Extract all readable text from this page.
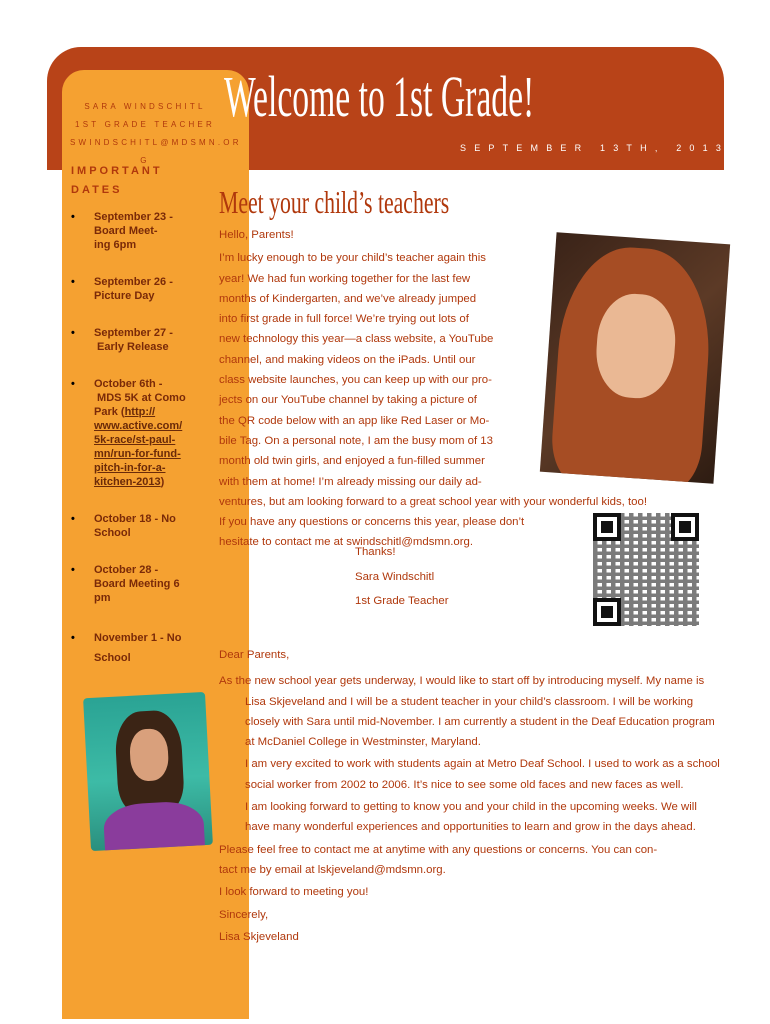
SARA WINDSCHITL
1ST GRADE TEACHER
SWINDSCHITL@MDSMN.OR
G
Welcome to 1st Grade!
SEPTEMBER 13TH, 2013
IMPORTANT
DATES
• September 23 -
Board Meet-
ing 6pm
• September 26 -
Picture Day
• September 27 -
Early Release
• October 6th -
MDS 5K at Como
Park (http://
www.active.com/
5k-race/st-paul-
mn/run-for-fund-
pitch-in-for-a-
kitchen-2013)
• October 18 - No
School
• October 28 -
Board Meeting 6
pm
• November 1 - No
School
Meet your child’s teachers

Hello, Parents!

I’m lucky enough to be your child’s teacher again this

year! We had fun working together for the last few

months of Kindergarten, and we’ve already jumped

into first grade in full force! We’re trying out lots of

new technology this year—a class website, a YouTube

channel, and making videos on the iPads. Until our

class website launches, you can keep up with our pro-

jects on our YouTube channel by taking a picture of

the QR code below with an app like Red Laser or Mo-

bile Tag. On a personal note, I am the busy mom of 13

month old twin girls, and enjoyed a fun-filled summer

with them at home! I’m already missing our daily ad-

ventures, but am looking forward to a great school year with your wonderful kids, too!

If you have any questions or concerns this year, please don’t

hesitate to contact me at swindschitl@mdsmn.org.

Thanks!
Sara Windschitl
1st Grade Teacher

Dear Parents,

As the new school year gets underway, I would like to start off by introducing myself. My name is Lisa Skjeveland and I will be a student teacher in your child’s classroom. I will be working closely with Sara until mid-November. I am currently a student in the Deaf Education program at McDaniel College in Westminster, Maryland.

I am very excited to work with students again at Metro Deaf School. I used to work as a school social worker from 2002 to 2006. It’s nice to see some old faces and new faces as well.

I am looking forward to getting to know you and your child in the upcoming weeks. We will have many wonderful experiences and opportunities to learn and grow in the days ahead.

Please feel free to contact me at anytime with any questions or concerns. You can con-

tact me by email at lskjeveland@mdsmn.org.

I look forward to meeting you!

Sincerely,

Lisa Skjeveland
